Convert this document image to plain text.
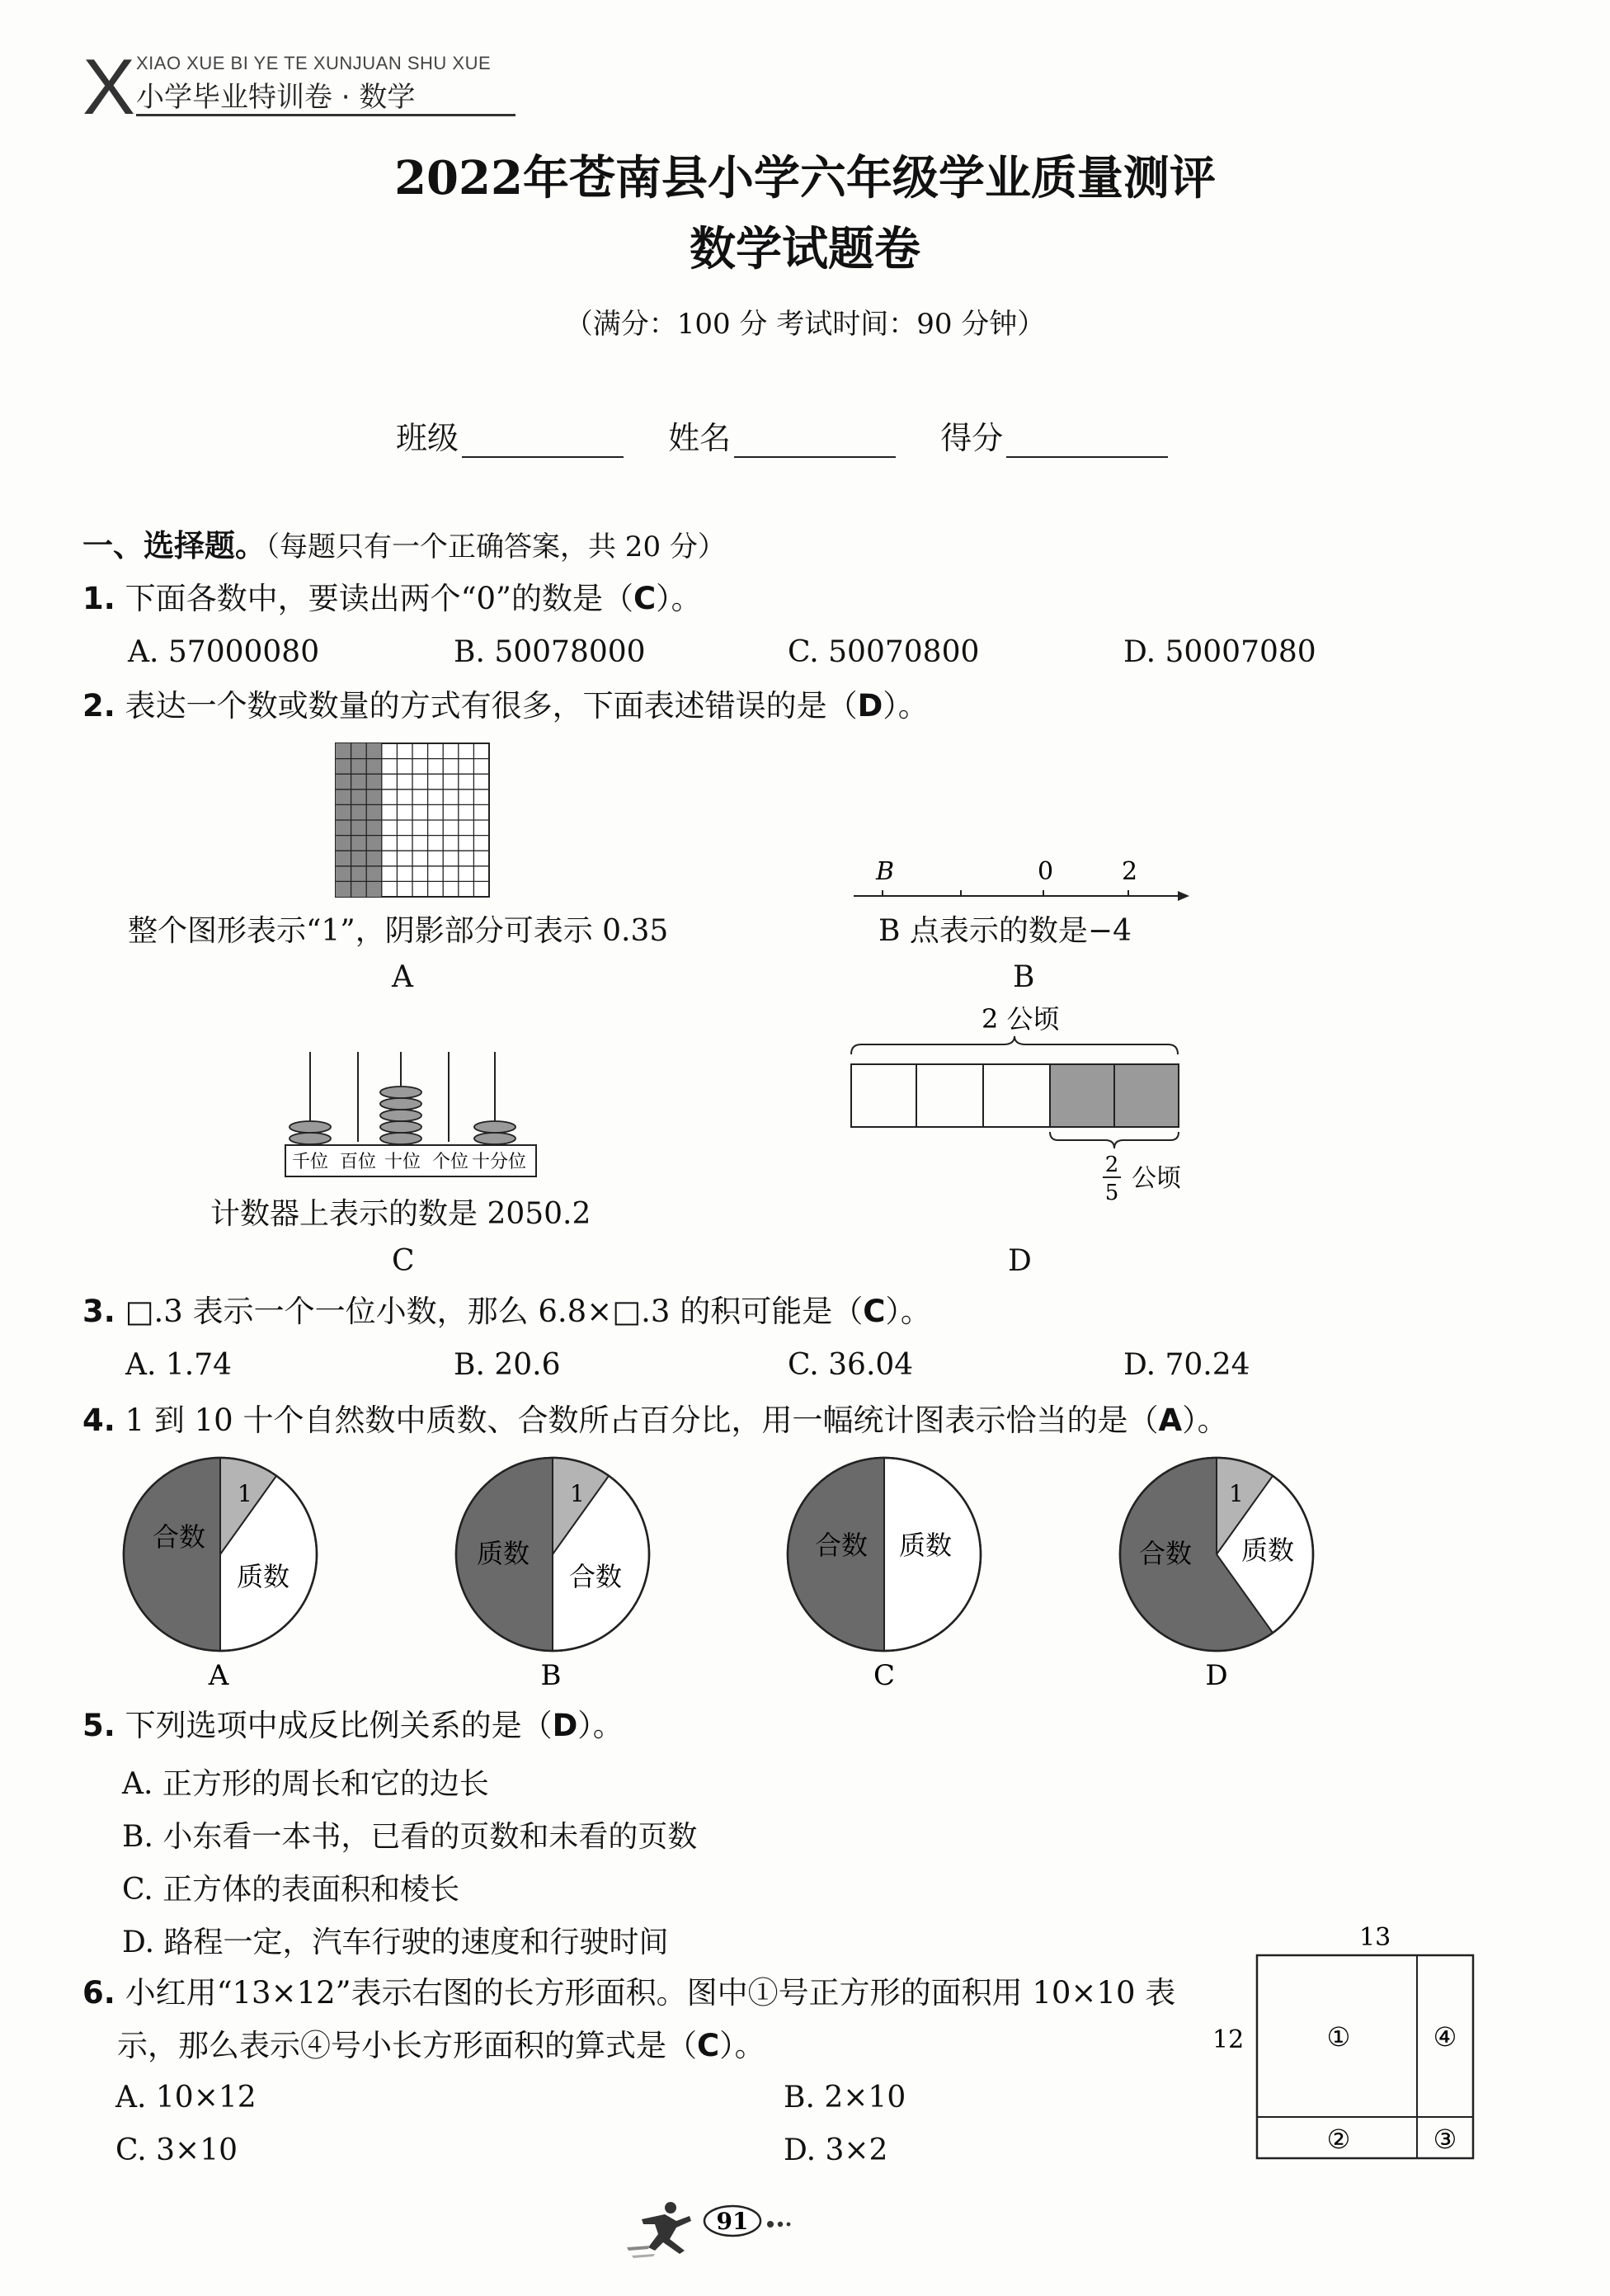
X XIAO XUE BI YE TE XUNJUAN SHU XUE
小学毕业特训卷 · 数学
2022年苍南县小学六年级学业质量测评
数学试题卷
（满分：100 分 考试时间：90 分钟）
班级	姓名	得分
一、选择题。（每题只有一个正确答案，共 20 分）
1. 下面各数中，要读出两个“0”的数是（C）。
A. 57000080	B. 50078000	C. 50070800	D. 50007080
2. 表达一个数或数量的方式有很多，下面表述错误的是（D）。
整个图形表示“1”，阴影部分可表示 0.35
A
B	0	2
B 点表示的数是−4
B
千位 百位 十位 个位 十分位
计数器上表示的数是 2050.2
C
2 公顷
2
5 公顷
D
3. □.3 表示一个一位小数，那么 6.8×□.3 的积可能是（C）。
A. 1.74	B. 20.6	C. 36.04	D. 70.24
4. 1 到 10 十个自然数中质数、合数所占百分比，用一幅统计图表示恰当的是（A）。
合数
质数
1
A
质数
合数
1
B
合数 质数
C
合数 质数
1
D
5. 下列选项中成反比例关系的是（D）。
A. 正方形的周长和它的边长
B. 小东看一本书，已看的页数和未看的页数
C. 正方体的表面积和棱长
D. 路程一定，汽车行驶的速度和行驶时间
6. 小红用“13×12”表示右图的长方形面积。图中①号正方形的面积用 10×10 表
示，那么表示④号小长方形面积的算式是（C）。
A. 10×12	B. 2×10
C. 3×10	D. 3×2
13
12	①	④
②	③
91
